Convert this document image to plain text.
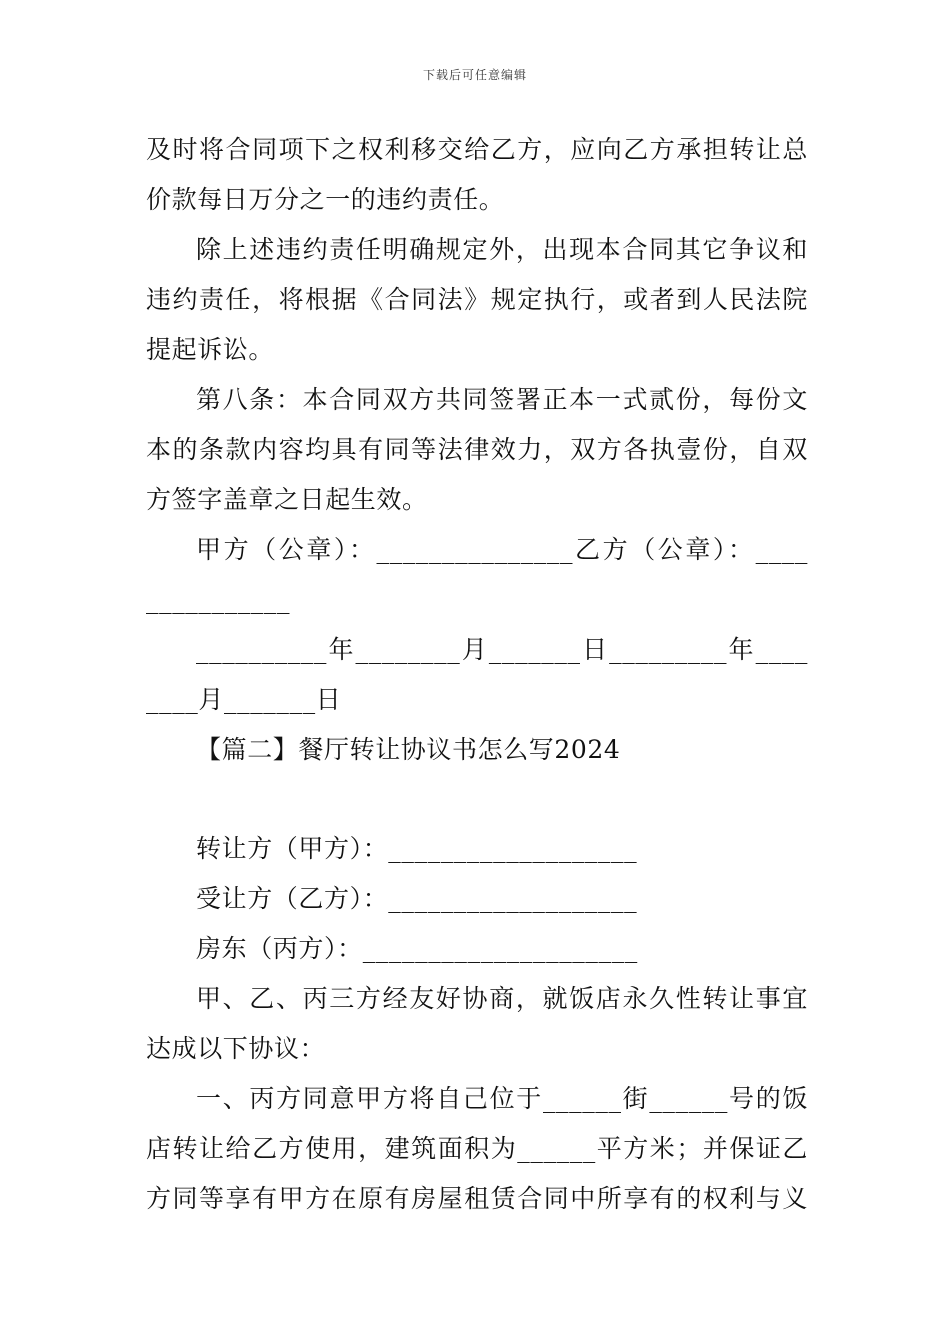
下载后可任意编辑
及时将合同项下之权利移交给乙方，应向乙方承担转让总
价款每日万分之一的违约责任。
除上述违约责任明确规定外，出现本合同其它争议和
违约责任，将根据《合同法》规定执行，或者到人民法院
提起诉讼。
第八条：本合同双方共同签署正本一式贰份，每份文
本的条款内容均具有同等法律效力，双方各执壹份，自双
方签字盖章之日起生效。
甲方（公章）：_______________乙方（公章）：____
___________
__________年________月_______日_________年____
____月_______日
【篇二】餐厅转让协议书怎么写2024
转让方（甲方）：___________________
受让方（乙方）：___________________
房东（丙方）：_____________________
甲、乙、丙三方经友好协商，就饭店永久性转让事宜
达成以下协议：
一、丙方同意甲方将自己位于______街______号的饭
店转让给乙方使用，建筑面积为______平方米；并保证乙
方同等享有甲方在原有房屋租赁合同中所享有的权利与义
